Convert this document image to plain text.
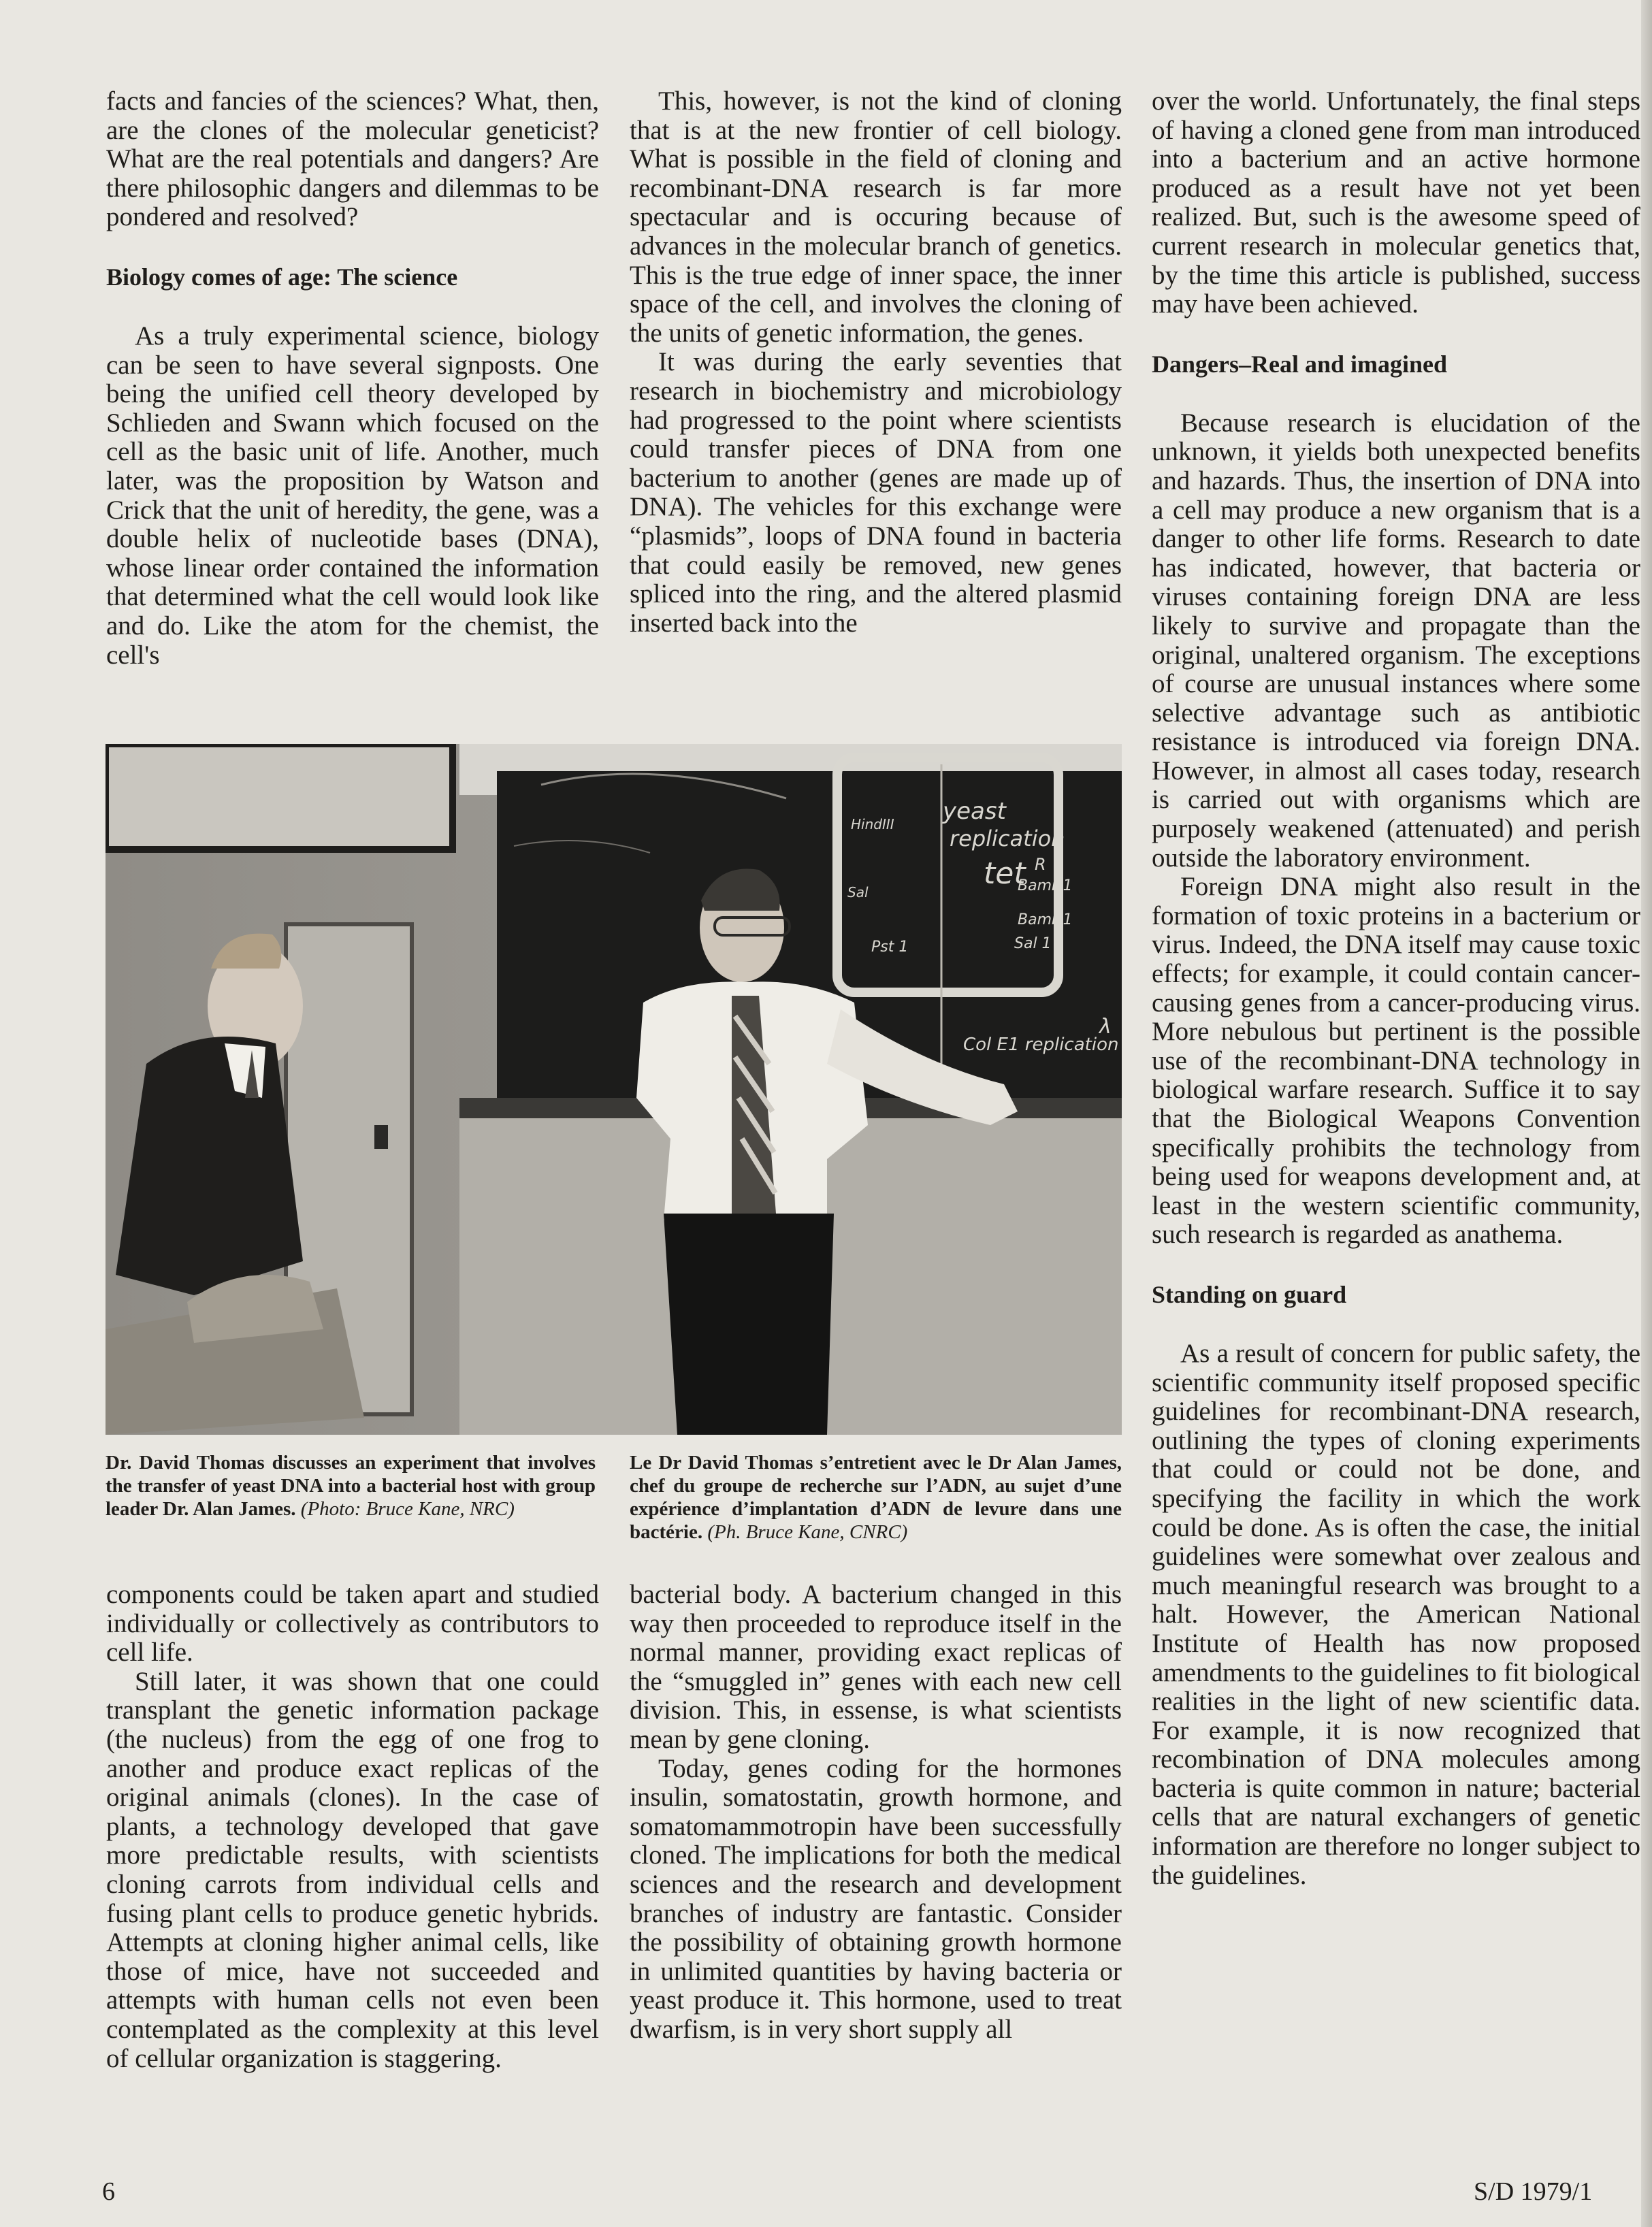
facts and fancies of the sciences? What, then, are the clones of the molecular geneticist? What are the real potentials and dangers? Are there philosophic dangers and dilemmas to be pondered and resolved?

Biology comes of age: The science

As a truly experimental science, biology can be seen to have several signposts. One being the unified cell theory developed by Schlieden and Swann which focused on the cell as the basic unit of life. Another, much later, was the proposition by Watson and Crick that the unit of heredity, the gene, was a double helix of nucleotide bases (DNA), whose linear order contained the information that determined what the cell would look like and do. Like the atom for the chemist, the cell's

This, however, is not the kind of cloning that is at the new frontier of cell biology. What is possible in the field of cloning and recombinant-DNA research is far more spectacular and is occuring because of advances in the molecular branch of genetics. This is the true edge of inner space, the inner space of the cell, and involves the cloning of the units of genetic information, the genes.

It was during the early seventies that research in biochemistry and microbiology had progressed to the point where scientists could transfer pieces of DNA from one bacterium to another (genes are made up of DNA). The vehicles for this exchange were “plasmids”, loops of DNA found in bacteria that could easily be removed, new genes spliced into the ring, and the altered plasmid inserted back into the

over the world. Unfortunately, the final steps of having a cloned gene from man introduced into a bacterium and an active hormone produced as a result have not yet been realized. But, such is the awesome speed of current research in molecular genetics that, by the time this article is published, success may have been achieved.

Dangers–Real and imagined

Because research is elucidation of the unknown, it yields both unexpected benefits and hazards. Thus, the insertion of DNA into a cell may produce a new organism that is a danger to other life forms. Research to date has indicated, however, that bacteria or viruses containing foreign DNA are less likely to survive and propagate than the original, unaltered organism. The exceptions of course are unusual instances where some selective advantage such as antibiotic resistance is introduced via foreign DNA. However, in almost all cases today, research is carried out with organisms which are purposely weakened (attenuated) and perish outside the laboratory environment.

Foreign DNA might also result in the formation of toxic proteins in a bacterium or virus. Indeed, the DNA itself may cause toxic effects; for example, it could contain cancer-causing genes from a cancer-producing virus. More nebulous but pertinent is the possible use of the recombinant-DNA technology in biological warfare research. Suffice it to say that the Biological Weapons Convention specifically prohibits the technology from being used for weapons development and, at least in the western scientific community, such research is regarded as anathema.

Standing on guard

As a result of concern for public safety, the scientific community itself proposed specific guidelines for recombinant-DNA research, outlining the types of cloning experiments that could or could not be done, and specifying the facility in which the work could be done. As is often the case, the initial guidelines were somewhat over zealous and much meaningful research was brought to a halt. However, the American National Institute of Health has now proposed amendments to the guidelines to fit biological realities in the light of new scientific data. For example, it is now recognized that recombination of DNA molecules among bacteria is quite common in nature; bacterial cells that are natural exchangers of genetic information are therefore no longer subject to the guidelines.

yeast
replication
tet R
BamH1
BamH1
Sal 1
HindIII
Sal
Pst 1
Col E1 replication
λ
Dr. David Thomas discusses an experiment that involves the transfer of yeast DNA into a bacterial host with group leader Dr. Alan James. (Photo: Bruce Kane, NRC)
Le Dr David Thomas s’entretient avec le Dr Alan James, chef du groupe de recherche sur l’ADN, au sujet d’une expérience d’implantation d’ADN de levure dans une bactérie. (Ph. Bruce Kane, CNRC)

components could be taken apart and studied individually or collectively as contributors to cell life.

Still later, it was shown that one could transplant the genetic information package (the nucleus) from the egg of one frog to another and produce exact replicas of the original animals (clones). In the case of plants, a technology developed that gave more predictable results, with scientists cloning carrots from individual cells and fusing plant cells to produce genetic hybrids. Attempts at cloning higher animal cells, like those of mice, have not succeeded and attempts with human cells not even been contemplated as the complexity at this level of cellular organization is staggering.

bacterial body. A bacterium changed in this way then proceeded to reproduce itself in the normal manner, providing exact replicas of the “smuggled in” genes with each new cell division. This, in essense, is what scientists mean by gene cloning.

Today, genes coding for the hormones insulin, somatostatin, growth hormone, and somatomammotropin have been successfully cloned. The implications for both the medical sciences and the research and development branches of industry are fantastic. Consider the possibility of obtaining growth hormone in unlimited quantities by having bacteria or yeast produce it. This hormone, used to treat dwarfism, is in very short supply all

6	S/D 1979/1
